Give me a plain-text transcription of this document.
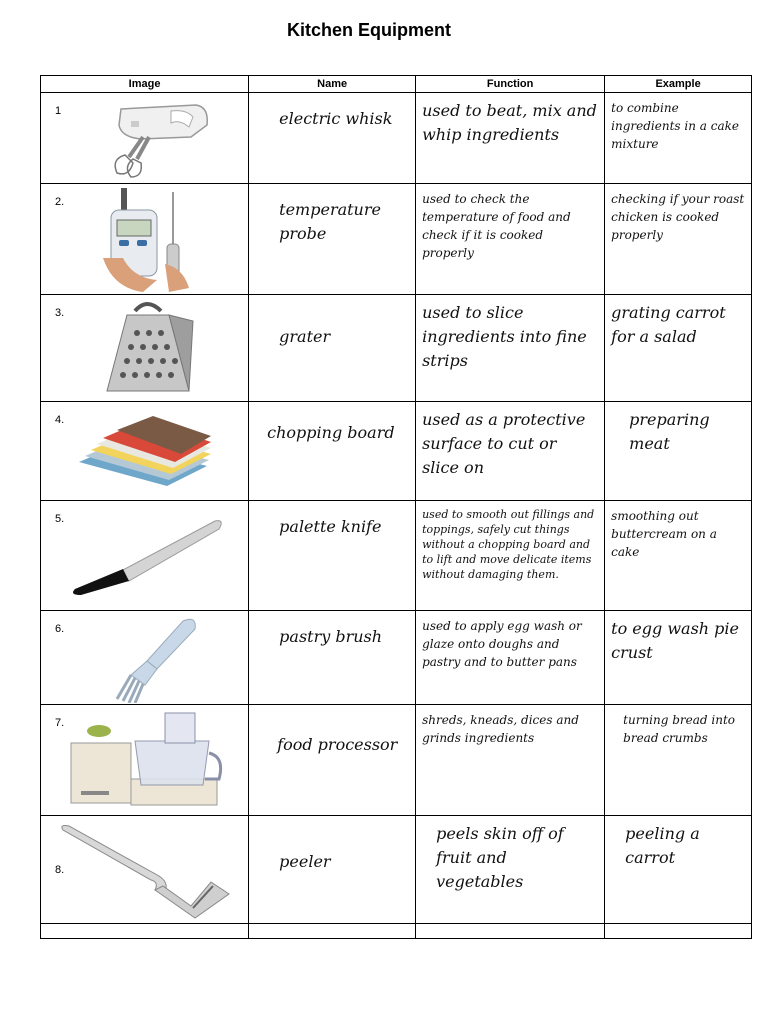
Kitchen Equipment
Image	Name	Function	Example

1	electric whisk	used to beat, mix and whip ingredients	to combine ingredients in a cake mixture

2.	temperature probe	used to check the temperature of food and check if it is cooked properly	checking if your roast chicken is cooked properly

3.	grater	used to slice ingredients into fine strips	grating carrot for a salad

4.	chopping board	used as a protective surface to cut or slice on	preparing meat

5.	palette knife	used to smooth out fillings and toppings, safely cut things without a chopping board and to lift and move delicate items without damaging them.	smoothing out buttercream on a cake

6.	pastry brush	used to apply egg wash or glaze onto doughs and pastry and to butter pans	to egg wash pie crust

7.	food processor	shreds, kneads, dices and grinds ingredients	turning bread into bread crumbs

8.	peeler	peels skin off of fruit and vegetables	peeling a carrot
